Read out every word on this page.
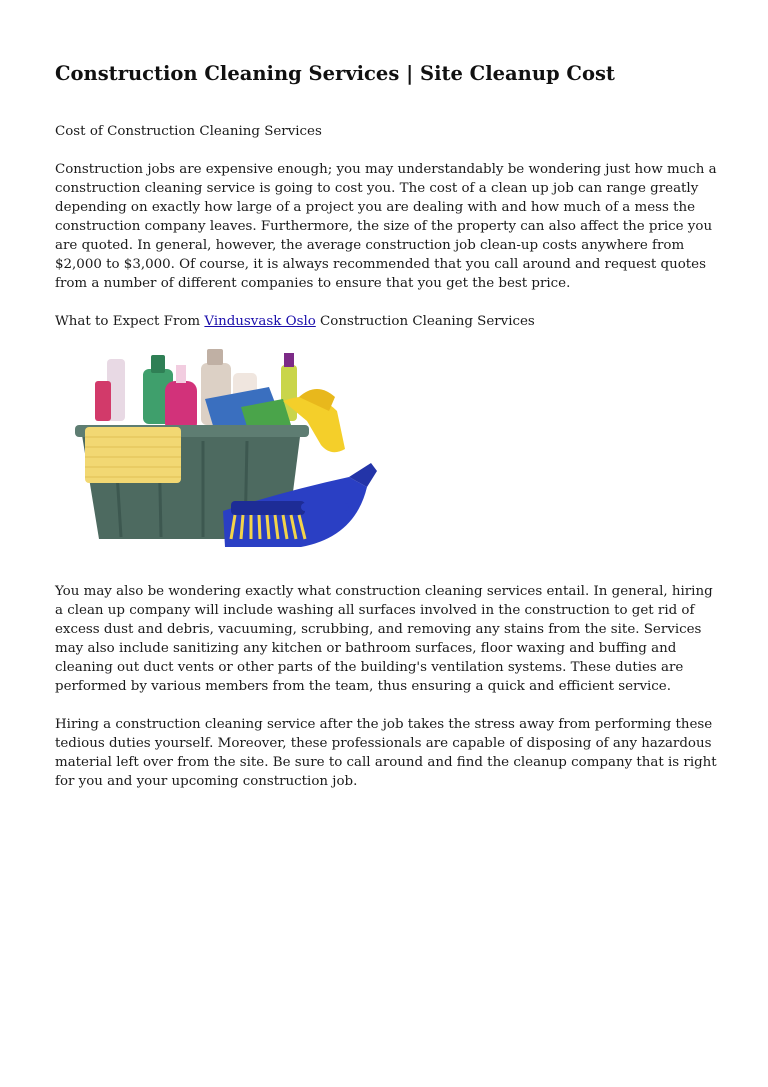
Construction Cleaning Services | Site Cleanup Cost

Cost of Construction Cleaning Services

Construction jobs are expensive enough; you may understandably be wondering just how much a construction cleaning service is going to cost you. The cost of a clean up job can range greatly depending on exactly how large of a project you are dealing with and how much of a mess the construction company leaves. Furthermore, the size of the property can also affect the price you are quoted. In general, however, the average construction job clean-up costs anywhere from $2,000 to $3,000. Of course, it is always recommended that you call around and request quotes from a number of different companies to ensure that you get the best price.

What to Expect From Vindusvask Oslo Construction Cleaning Services

You may also be wondering exactly what construction cleaning services entail. In general, hiring a clean up company will include washing all surfaces involved in the construction to get rid of excess dust and debris, vacuuming, scrubbing, and removing any stains from the site. Services may also include sanitizing any kitchen or bathroom surfaces, floor waxing and buffing and cleaning out duct vents or other parts of the building's ventilation systems. These duties are performed by various members from the team, thus ensuring a quick and efficient service.

Hiring a construction cleaning service after the job takes the stress away from performing these tedious duties yourself. Moreover, these professionals are capable of disposing of any hazardous material left over from the site. Be sure to call around and find the cleanup company that is right for you and your upcoming construction job.
